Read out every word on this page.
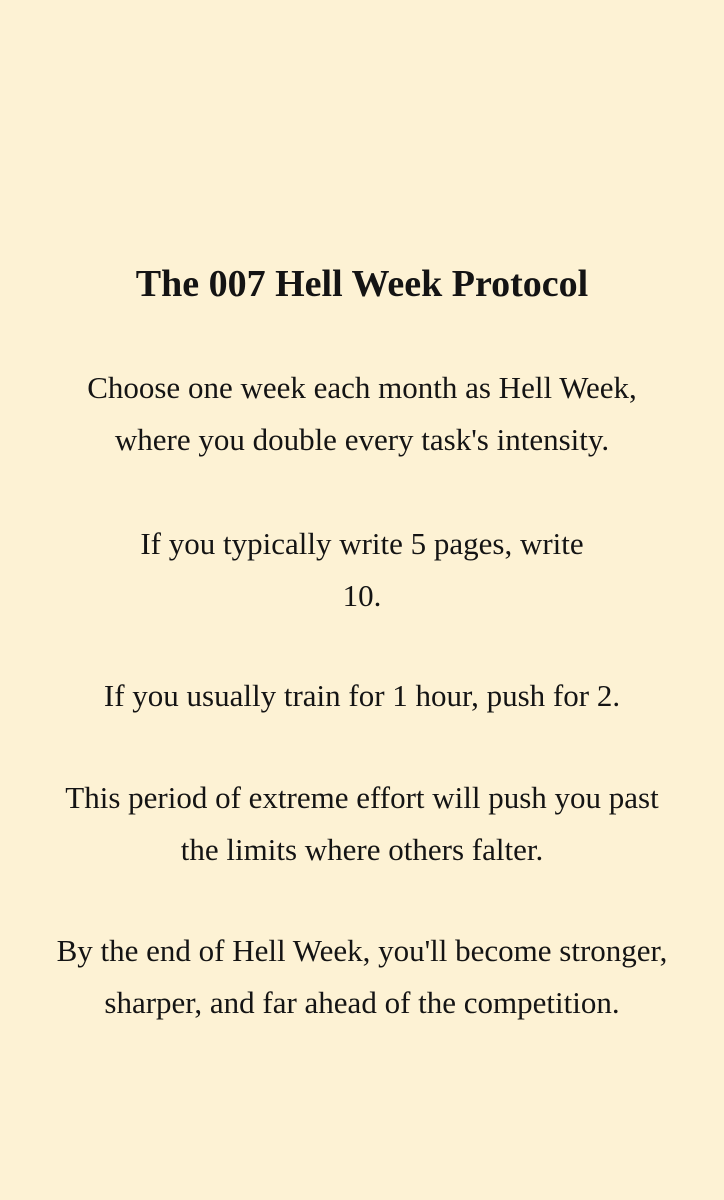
The 007 Hell Week Protocol
Choose one week each month as Hell Week,
where you double every task's intensity.
If you typically write 5 pages, write
10.
If you usually train for 1 hour, push for 2.
This period of extreme effort will push you past
the limits where others falter.
By the end of Hell Week, you'll become stronger,
sharper, and far ahead of the competition.
